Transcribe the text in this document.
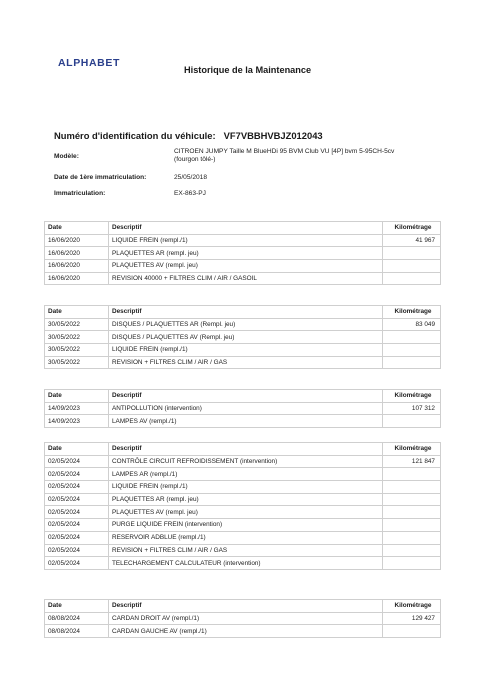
ALPHABET
Historique de la Maintenance
Numéro d'identification du véhicule: VF7VBBHVBJZ012043
Modèle:
CITROEN JUMPY Taille M BlueHDi 95 BVM Club VU [4P] bvm 5-95CH-5cv (fourgon tôlé-)
Date de 1ère immatriculation:	25/05/2018
Immatriculation:	EX-863-PJ
Date	Descriptif	Kilométrage
16/06/2020	LIQUIDE FREIN (rempl./1)	41 967
16/06/2020	PLAQUETTES AR (rempl. jeu)	
16/06/2020	PLAQUETTES AV (rempl. jeu)	
16/06/2020	REVISION 40000 + FILTRES CLIM / AIR / GASOIL	
Date	Descriptif	Kilométrage
30/05/2022	DISQUES / PLAQUETTES AR (Rempl. jeu)	83 049
30/05/2022	DISQUES / PLAQUETTES AV (Rempl. jeu)	
30/05/2022	LIQUIDE FREIN (rempl./1)	
30/05/2022	REVISION + FILTRES CLIM / AIR / GAS	
Date	Descriptif	Kilométrage
14/09/2023	ANTIPOLLUTION (intervention)	107 312
14/09/2023	LAMPES AV (rempl./1)	
Date	Descriptif	Kilométrage
02/05/2024	CONTRÔLE CIRCUIT REFROIDISSEMENT (intervention)	121 847
02/05/2024	LAMPES AR (rempl./1)	
02/05/2024	LIQUIDE FREIN (rempl./1)	
02/05/2024	PLAQUETTES AR (rempl. jeu)	
02/05/2024	PLAQUETTES AV (rempl. jeu)	
02/05/2024	PURGE LIQUIDE FREIN (intervention)	
02/05/2024	RESERVOIR ADBLUE (rempl./1)	
02/05/2024	REVISION + FILTRES CLIM / AIR / GAS	
02/05/2024	TELECHARGEMENT CALCULATEUR (intervention)	
Date	Descriptif	Kilométrage
08/08/2024	CARDAN DROIT AV (rempl./1)	129 427
08/08/2024	CARDAN GAUCHE AV (rempl./1)	
